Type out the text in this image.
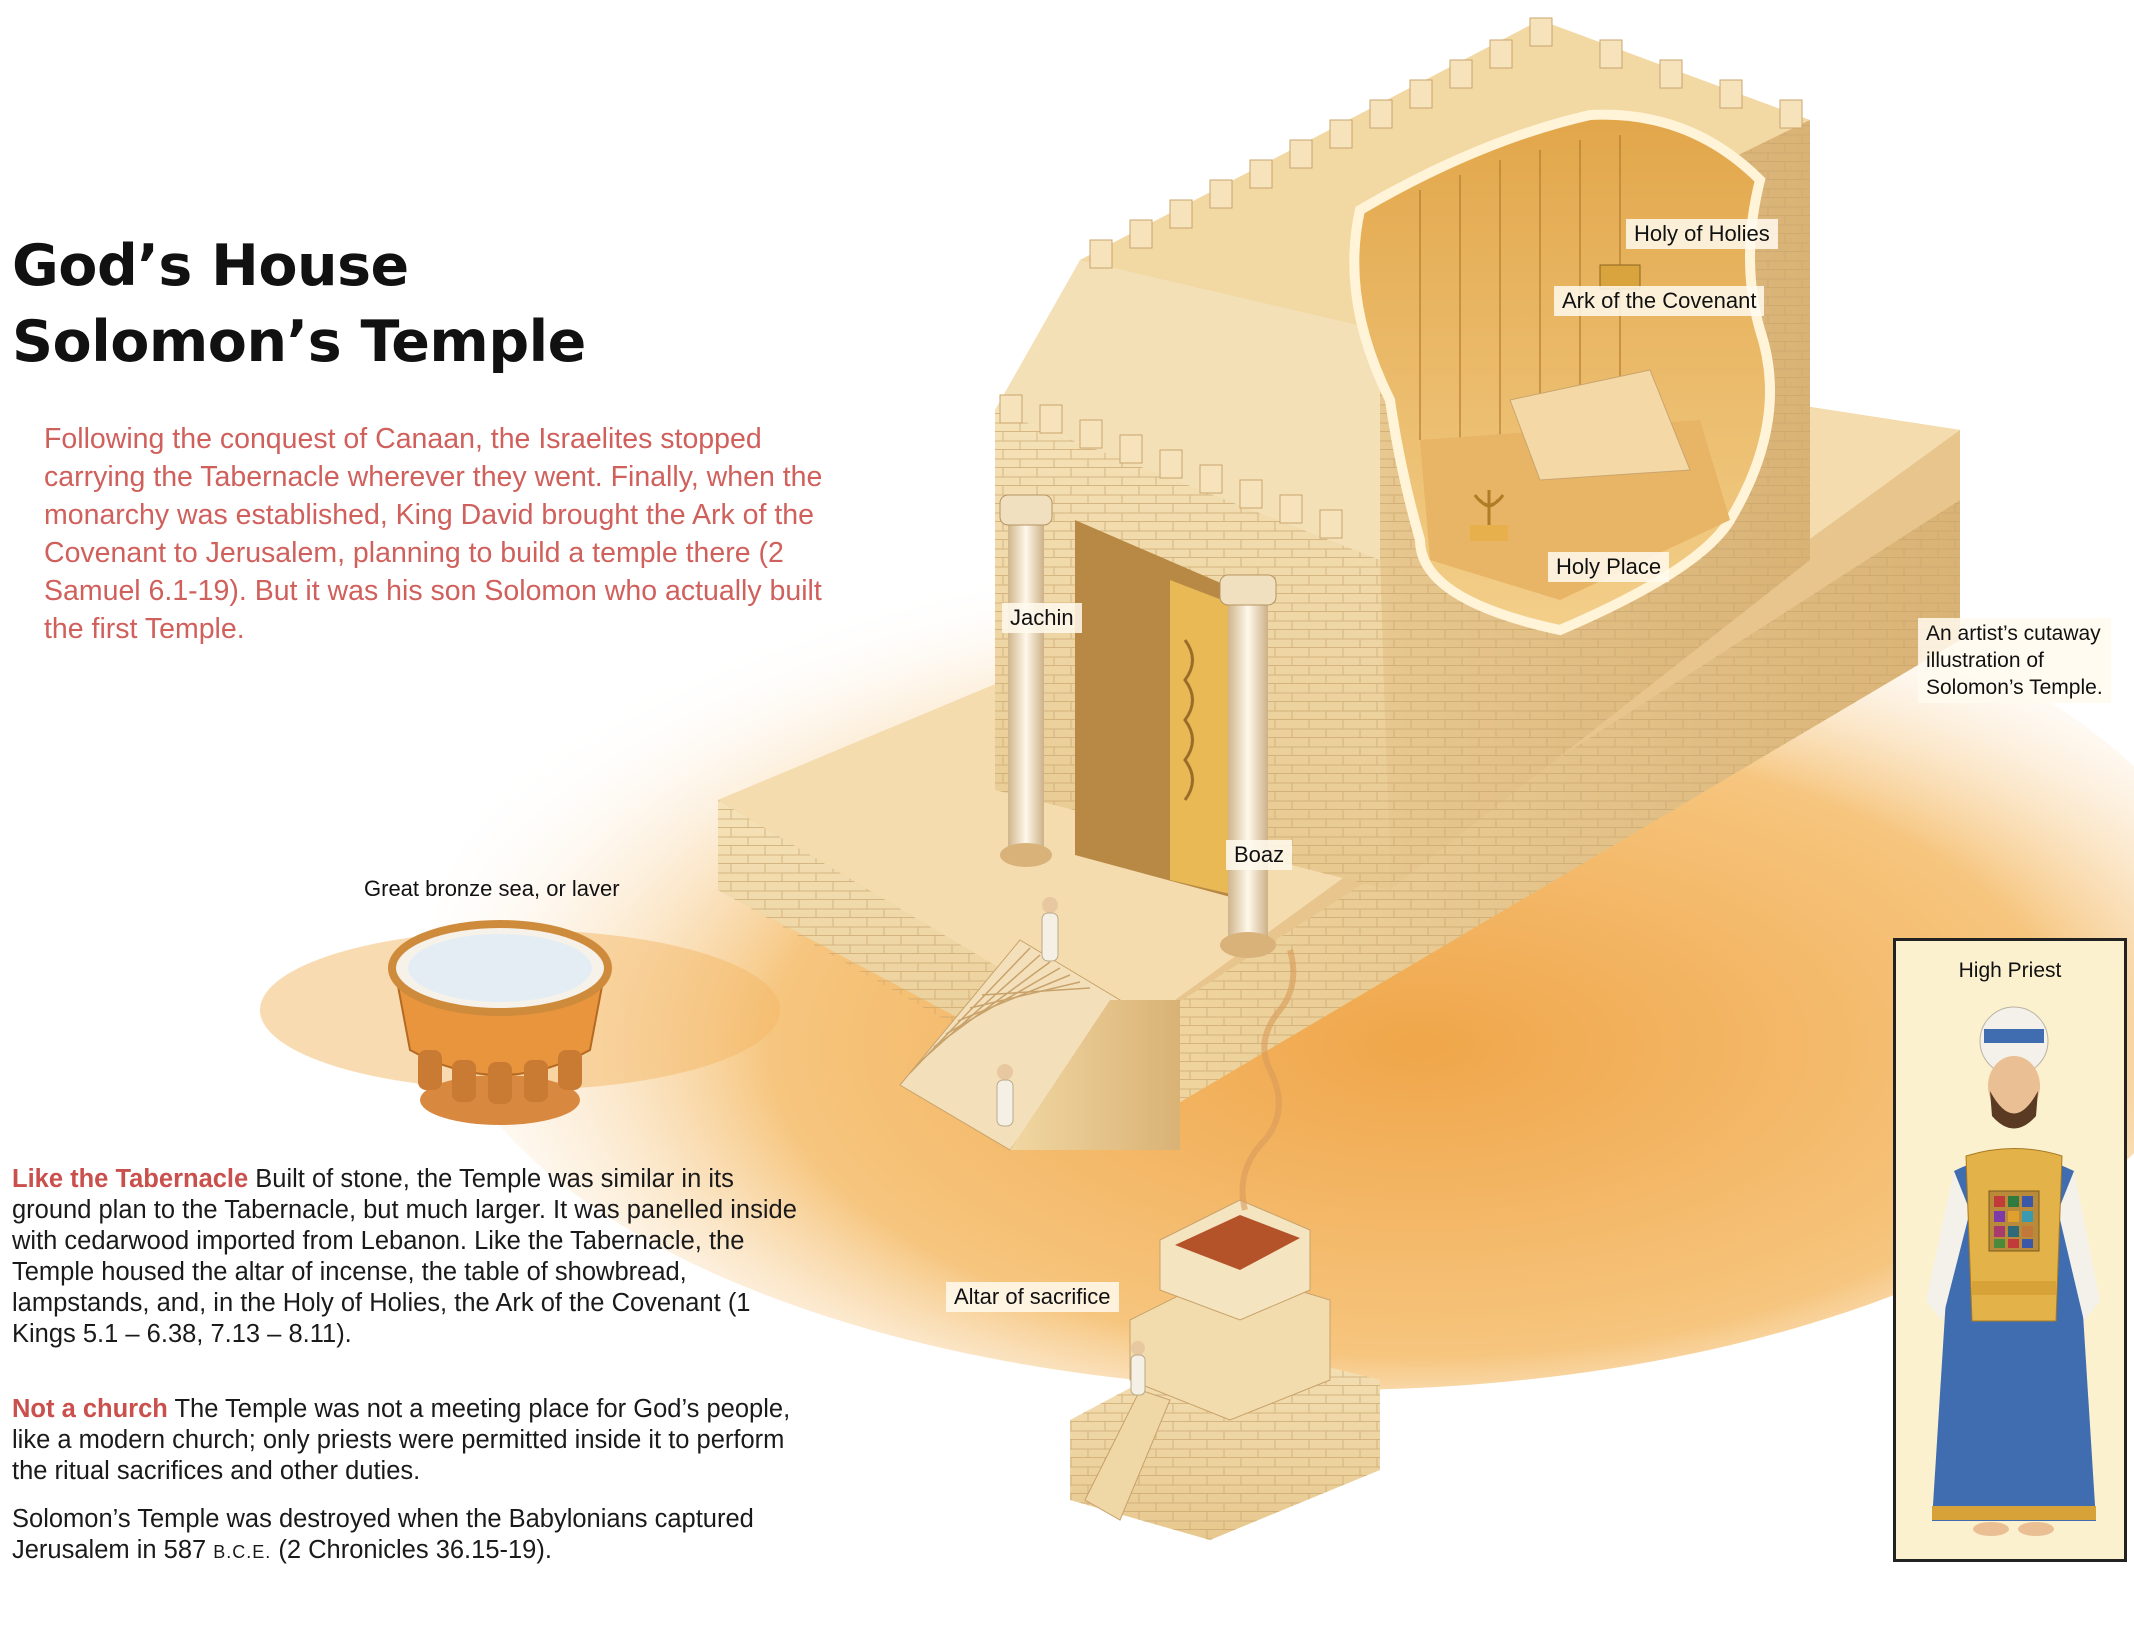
God’s House
Solomon’s Temple

Following the conquest of Canaan, the Israelites stopped carrying the Tabernacle wherever they went. Finally, when the monarchy was established, King David brought the Ark of the Covenant to Jerusalem, planning to build a temple there (2 Samuel 6.1-19). But it was his son Solomon who actually built the first Temple.

Like the Tabernacle Built of stone, the Temple was similar in its ground plan to the Tabernacle, but much larger. It was panelled inside with cedarwood imported from Lebanon. Like the Tabernacle, the Temple housed the altar of incense, the table of showbread, lampstands, and, in the Holy of Holies, the Ark of the Covenant (1 Kings 5.1 – 6.38, 7.13 – 8.11).

Not a church The Temple was not a meeting place for God’s people, like a modern church; only priests were permitted inside it to perform the ritual sacrifices and other duties.

Solomon’s Temple was destroyed when the Babylonians captured Jerusalem in 587 B.C.E. (2 Chronicles 36.15-19).

Holy of Holies
Ark of the Covenant
Holy Place
Jachin
Boaz
Great bronze sea, or laver
Altar of sacrifice
An artist’s cutaway
illustration of
Solomon’s Temple.
High Priest
